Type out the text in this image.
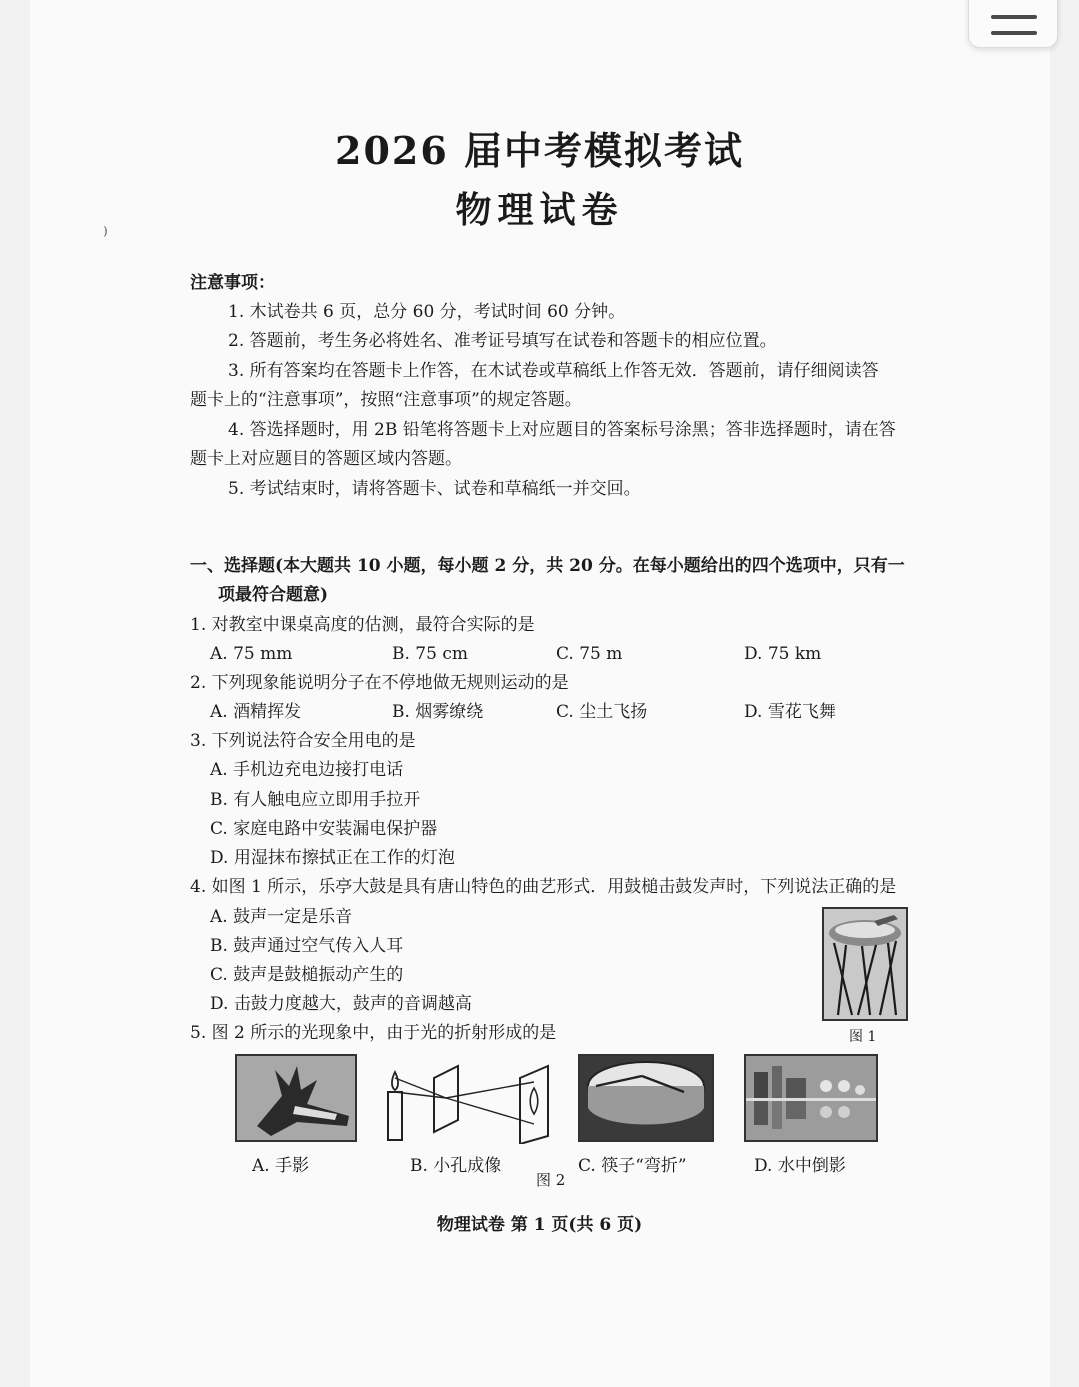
2026 届中考模拟考试
物理试卷
)
注意事项：
1. 木试卷共 6 页，总分 60 分，考试时间 60 分钟。
2. 答题前，考生务必将姓名、准考证号填写在试卷和答题卡的相应位置。
3. 所有答案均在答题卡上作答，在木试卷或草稿纸上作答无效．答题前，请仔细阅读答
题卡上的“注意事项”，按照“注意事项”的规定答题。
4. 答选择题时，用 2B 铅笔将答题卡上对应题目的答案标号涂黑；答非选择题时，请在答
题卡上对应题目的答题区域内答题。
5. 考试结束时，请将答题卡、试卷和草稿纸一并交回。
一、选择题(本大题共 10 小题，每小题 2 分，共 20 分。在每小题给出的四个选项中，只有一
项最符合题意)
1. 对教室中课桌高度的估测，最符合实际的是
A. 75 mm	B. 75 cm	C. 75 m	D. 75 km
2. 下列现象能说明分子在不停地做无规则运动的是
A. 酒精挥发	B. 烟雾缭绕	C. 尘土飞扬	D. 雪花飞舞
3. 下列说法符合安全用电的是
A. 手机边充电边接打电话
B. 有人触电应立即用手拉开
C. 家庭电路中安装漏电保护器
D. 用湿抹布擦拭正在工作的灯泡
4. 如图 1 所示，乐亭大鼓是具有唐山特色的曲艺形式．用鼓槌击鼓发声时，下列说法正确的是
A. 鼓声一定是乐音
B. 鼓声通过空气传入人耳
C. 鼓声是鼓槌振动产生的
D. 击鼓力度越大，鼓声的音调越高
图 1
5. 图 2 所示的光现象中，由于光的折射形成的是
A. 手影	B. 小孔成像	C. 筷子“弯折”	D. 水中倒影
图 2
物理试卷 第 1 页(共 6 页)
